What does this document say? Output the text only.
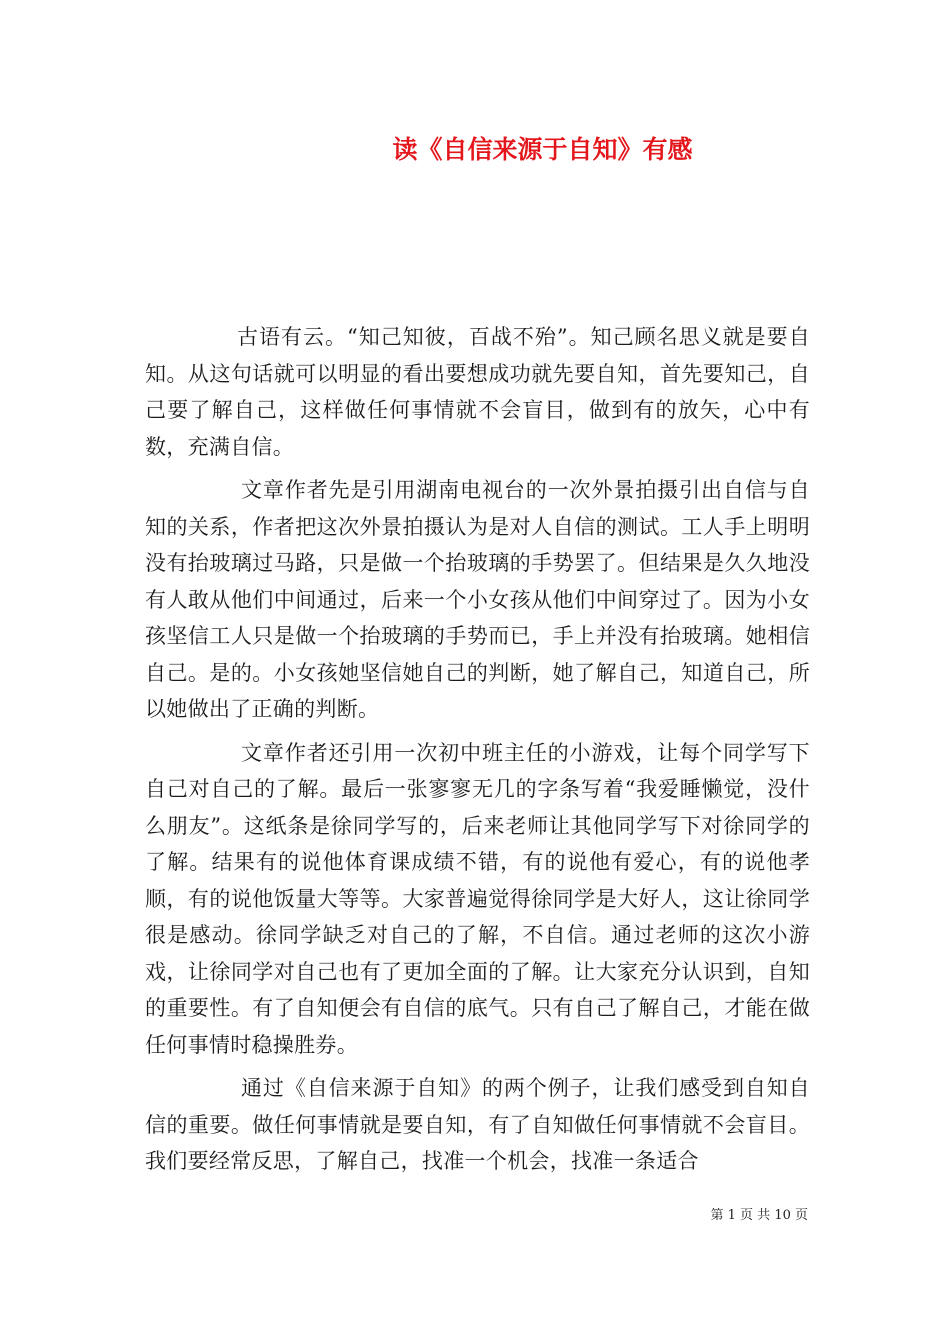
读《自信来源于自知》有感

古语有云。“知己知彼，百战不殆”。知己顾名思义就是要自知。从这句话就可以明显的看出要想成功就先要自知，首先要知己，自己要了解自己，这样做任何事情就不会盲目，做到有的放矢，心中有数，充满自信。

文章作者先是引用湖南电视台的一次外景拍摄引出自信与自知的关系，作者把这次外景拍摄认为是对人自信的测试。工人手上明明没有抬玻璃过马路，只是做一个抬玻璃的手势罢了。但结果是久久地没有人敢从他们中间通过，后来一个小女孩从他们中间穿过了。因为小女孩坚信工人只是做一个抬玻璃的手势而已，手上并没有抬玻璃。她相信自己。是的。小女孩她坚信她自己的判断，她了解自己，知道自己，所以她做出了正确的判断。

文章作者还引用一次初中班主任的小游戏，让每个同学写下自己对自己的了解。最后一张寥寥无几的字条写着“我爱睡懒觉，没什么朋友”。这纸条是徐同学写的，后来老师让其他同学写下对徐同学的了解。结果有的说他体育课成绩不错，有的说他有爱心，有的说他孝顺，有的说他饭量大等等。大家普遍觉得徐同学是大好人，这让徐同学很是感动。徐同学缺乏对自己的了解，不自信。通过老师的这次小游戏，让徐同学对自己也有了更加全面的了解。让大家充分认识到，自知的重要性。有了自知便会有自信的底气。只有自己了解自己，才能在做任何事情时稳操胜券。

通过《自信来源于自知》的两个例子，让我们感受到自知自信的重要。做任何事情就是要自知，有了自知做任何事情就不会盲目。我们要经常反思，了解自己，找准一个机会，找准一条适合

第 1 页 共 10 页
